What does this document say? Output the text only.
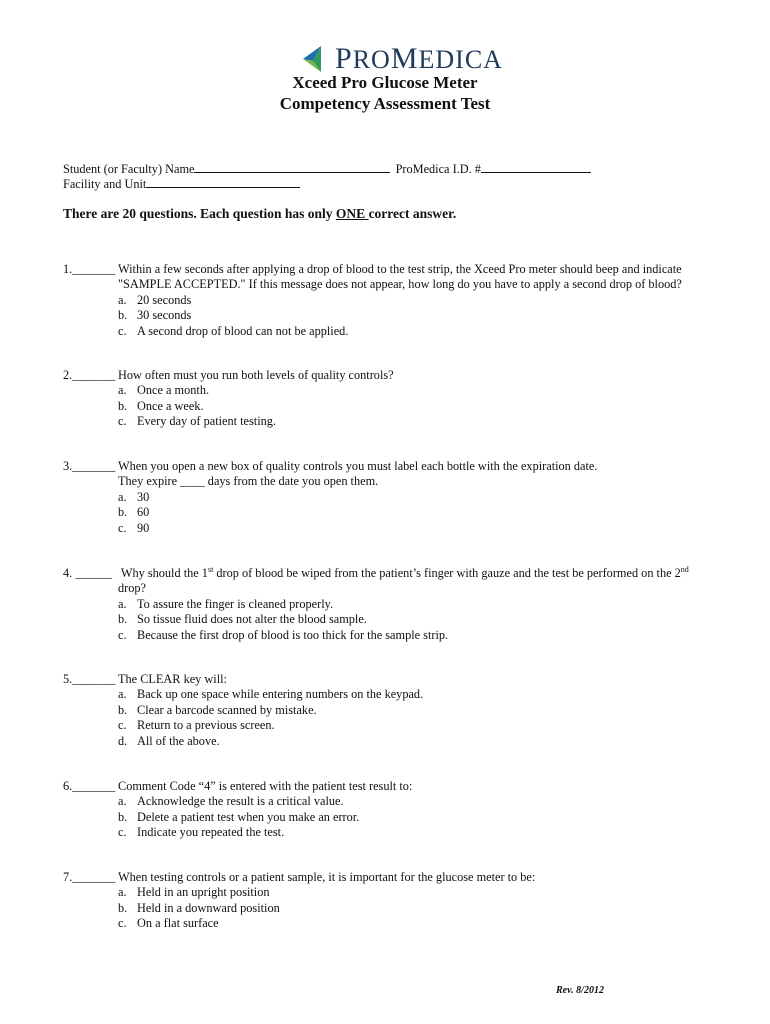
PROMEDICA
Xceed Pro Glucose Meter
Competency Assessment Test
Student (or Faculty) Name	ProMedica I.D. #
Facility and Unit
There are 20 questions. Each question has only ONE correct answer.
1._______ Within a few seconds after applying a drop of blood to the test strip, the Xceed Pro meter should beep and indicate
"SAMPLE ACCEPTED." If this message does not appear, how long do you have to apply a second drop of blood?
a. 20 seconds
b. 30 seconds
c. A second drop of blood can not be applied.
2._______ How often must you run both levels of quality controls?
a. Once a month.
b. Once a week.
c. Every day of patient testing.
3._______ When you open a new box of quality controls you must label each bottle with the expiration date.
They expire ____ days from the date you open them.
a. 30
b. 60
c. 90
4. ______ Why should the 1st drop of blood be wiped from the patient’s finger with gauze and the test be performed on the 2nd
drop?
a. To assure the finger is cleaned properly.
b. So tissue fluid does not alter the blood sample.
c. Because the first drop of blood is too thick for the sample strip.
5._______ The CLEAR key will:
a. Back up one space while entering numbers on the keypad.
b. Clear a barcode scanned by mistake.
c. Return to a previous screen.
d. All of the above.
6._______ Comment Code “4” is entered with the patient test result to:
a. Acknowledge the result is a critical value.
b. Delete a patient test when you make an error.
c. Indicate you repeated the test.
7._______ When testing controls or a patient sample, it is important for the glucose meter to be:
a. Held in an upright position
b. Held in a downward position
c. On a flat surface
Rev. 8/2012
